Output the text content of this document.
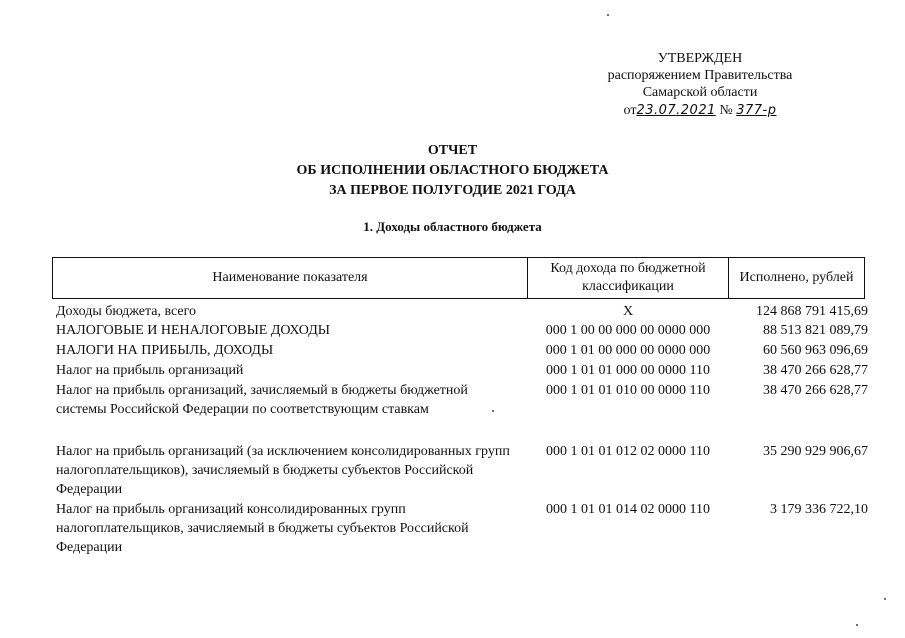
УТВЕРЖДЕН
распоряжением Правительства
Самарской области
от23.07.2021 № 377-р
ОТЧЕТ
ОБ ИСПОЛНЕНИИ ОБЛАСТНОГО БЮДЖЕТА
ЗА ПЕРВОЕ ПОЛУГОДИЕ 2021 ГОДА
1. Доходы областного бюджета
Наименование показателя	Код дохода по бюджетной классификации	Исполнено, рублей
Доходы бюджета, всего	X	124 868 791 415,69
НАЛОГОВЫЕ И НЕНАЛОГОВЫЕ ДОХОДЫ	000 1 00 00 000 00 0000 000	88 513 821 089,79
НАЛОГИ НА ПРИБЫЛЬ, ДОХОДЫ	000 1 01 00 000 00 0000 000	60 560 963 096,69
Налог на прибыль организаций	000 1 01 01 000 00 0000 110	38 470 266 628,77
Налог на прибыль организаций, зачисляемый в бюджеты бюджетной системы Российской Федерации по соответствующим ставкам
000 1 01 01 010 00 0000 110	38 470 266 628,77
Налог на прибыль организаций (за исключением консолидированных групп налогоплательщиков), зачисляемый в бюджеты субъектов Российской Федерации
000 1 01 01 012 02 0000 110	35 290 929 906,67
Налог на прибыль организаций консолидированных групп налогоплательщиков, зачисляемый в бюджеты субъектов Российской Федерации
000 1 01 01 014 02 0000 110	3 179 336 722,10
